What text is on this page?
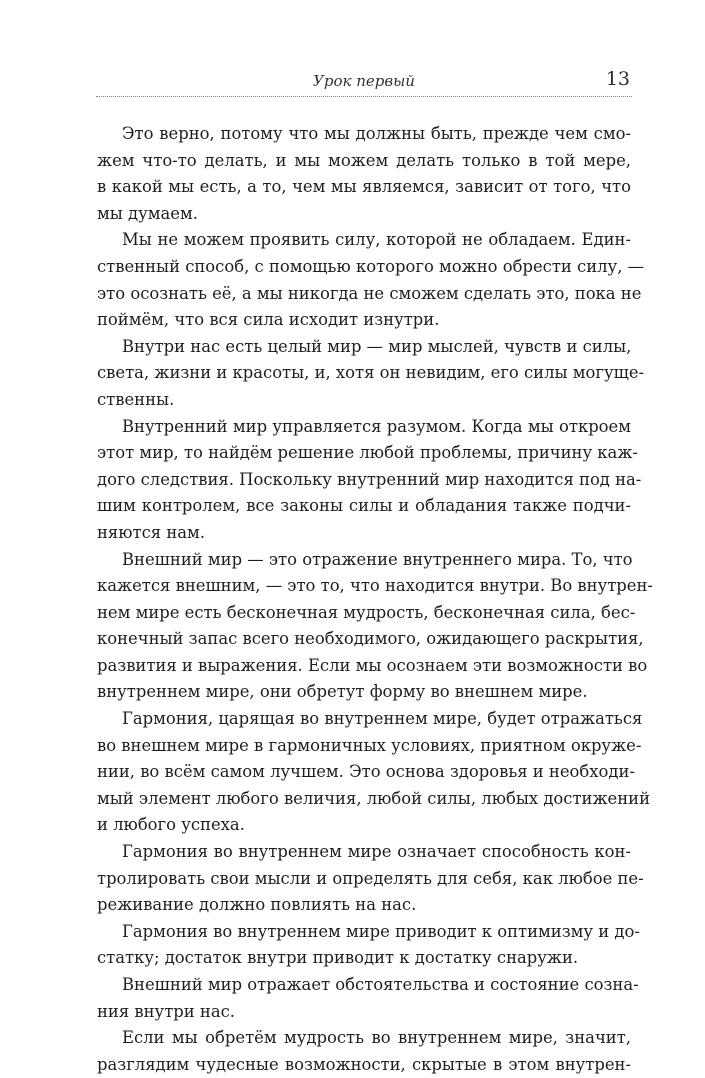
Урок первый	13
Это верно, потому что мы должны быть, прежде чем смо-
жем что-то делать, и мы можем делать только в той мере,
в какой мы есть, а то, чем мы являемся, зависит от того, что
мы думаем.
Мы не можем проявить силу, которой не обладаем. Един-
ственный способ, с помощью которого можно обрести силу, —
это осознать её, а мы никогда не сможем сделать это, пока не
поймём, что вся сила исходит изнутри.
Внутри нас есть целый мир — мир мыслей, чувств и силы,
света, жизни и красоты, и, хотя он невидим, его силы могуще-
ственны.
Внутренний мир управляется разумом. Когда мы откроем
этот мир, то найдём решение любой проблемы, причину каж-
дого следствия. Поскольку внутренний мир находится под на-
шим контролем, все законы силы и обладания также подчи-
няются нам.
Внешний мир — это отражение внутреннего мира. То, что
кажется внешним, — это то, что находится внутри. Во внутрен-
нем мире есть бесконечная мудрость, бесконечная сила, бес-
конечный запас всего необходимого, ожидающего раскрытия,
развития и выражения. Если мы осознаем эти возможности во
внутреннем мире, они обретут форму во внешнем мире.
Гармония, царящая во внутреннем мире, будет отражаться
во внешнем мире в гармоничных условиях, приятном окруже-
нии, во всём самом лучшем. Это основа здоровья и необходи-
мый элемент любого величия, любой силы, любых достижений
и любого успеха.
Гармония во внутреннем мире означает способность кон-
тролировать свои мысли и определять для себя, как любое пе-
реживание должно повлиять на нас.
Гармония во внутреннем мире приводит к оптимизму и до-
статку; достаток внутри приводит к достатку снаружи.
Внешний мир отражает обстоятельства и состояние созна-
ния внутри нас.
Если мы обретём мудрость во внутреннем мире, значит,
разглядим чудесные возможности, скрытые в этом внутрен-
